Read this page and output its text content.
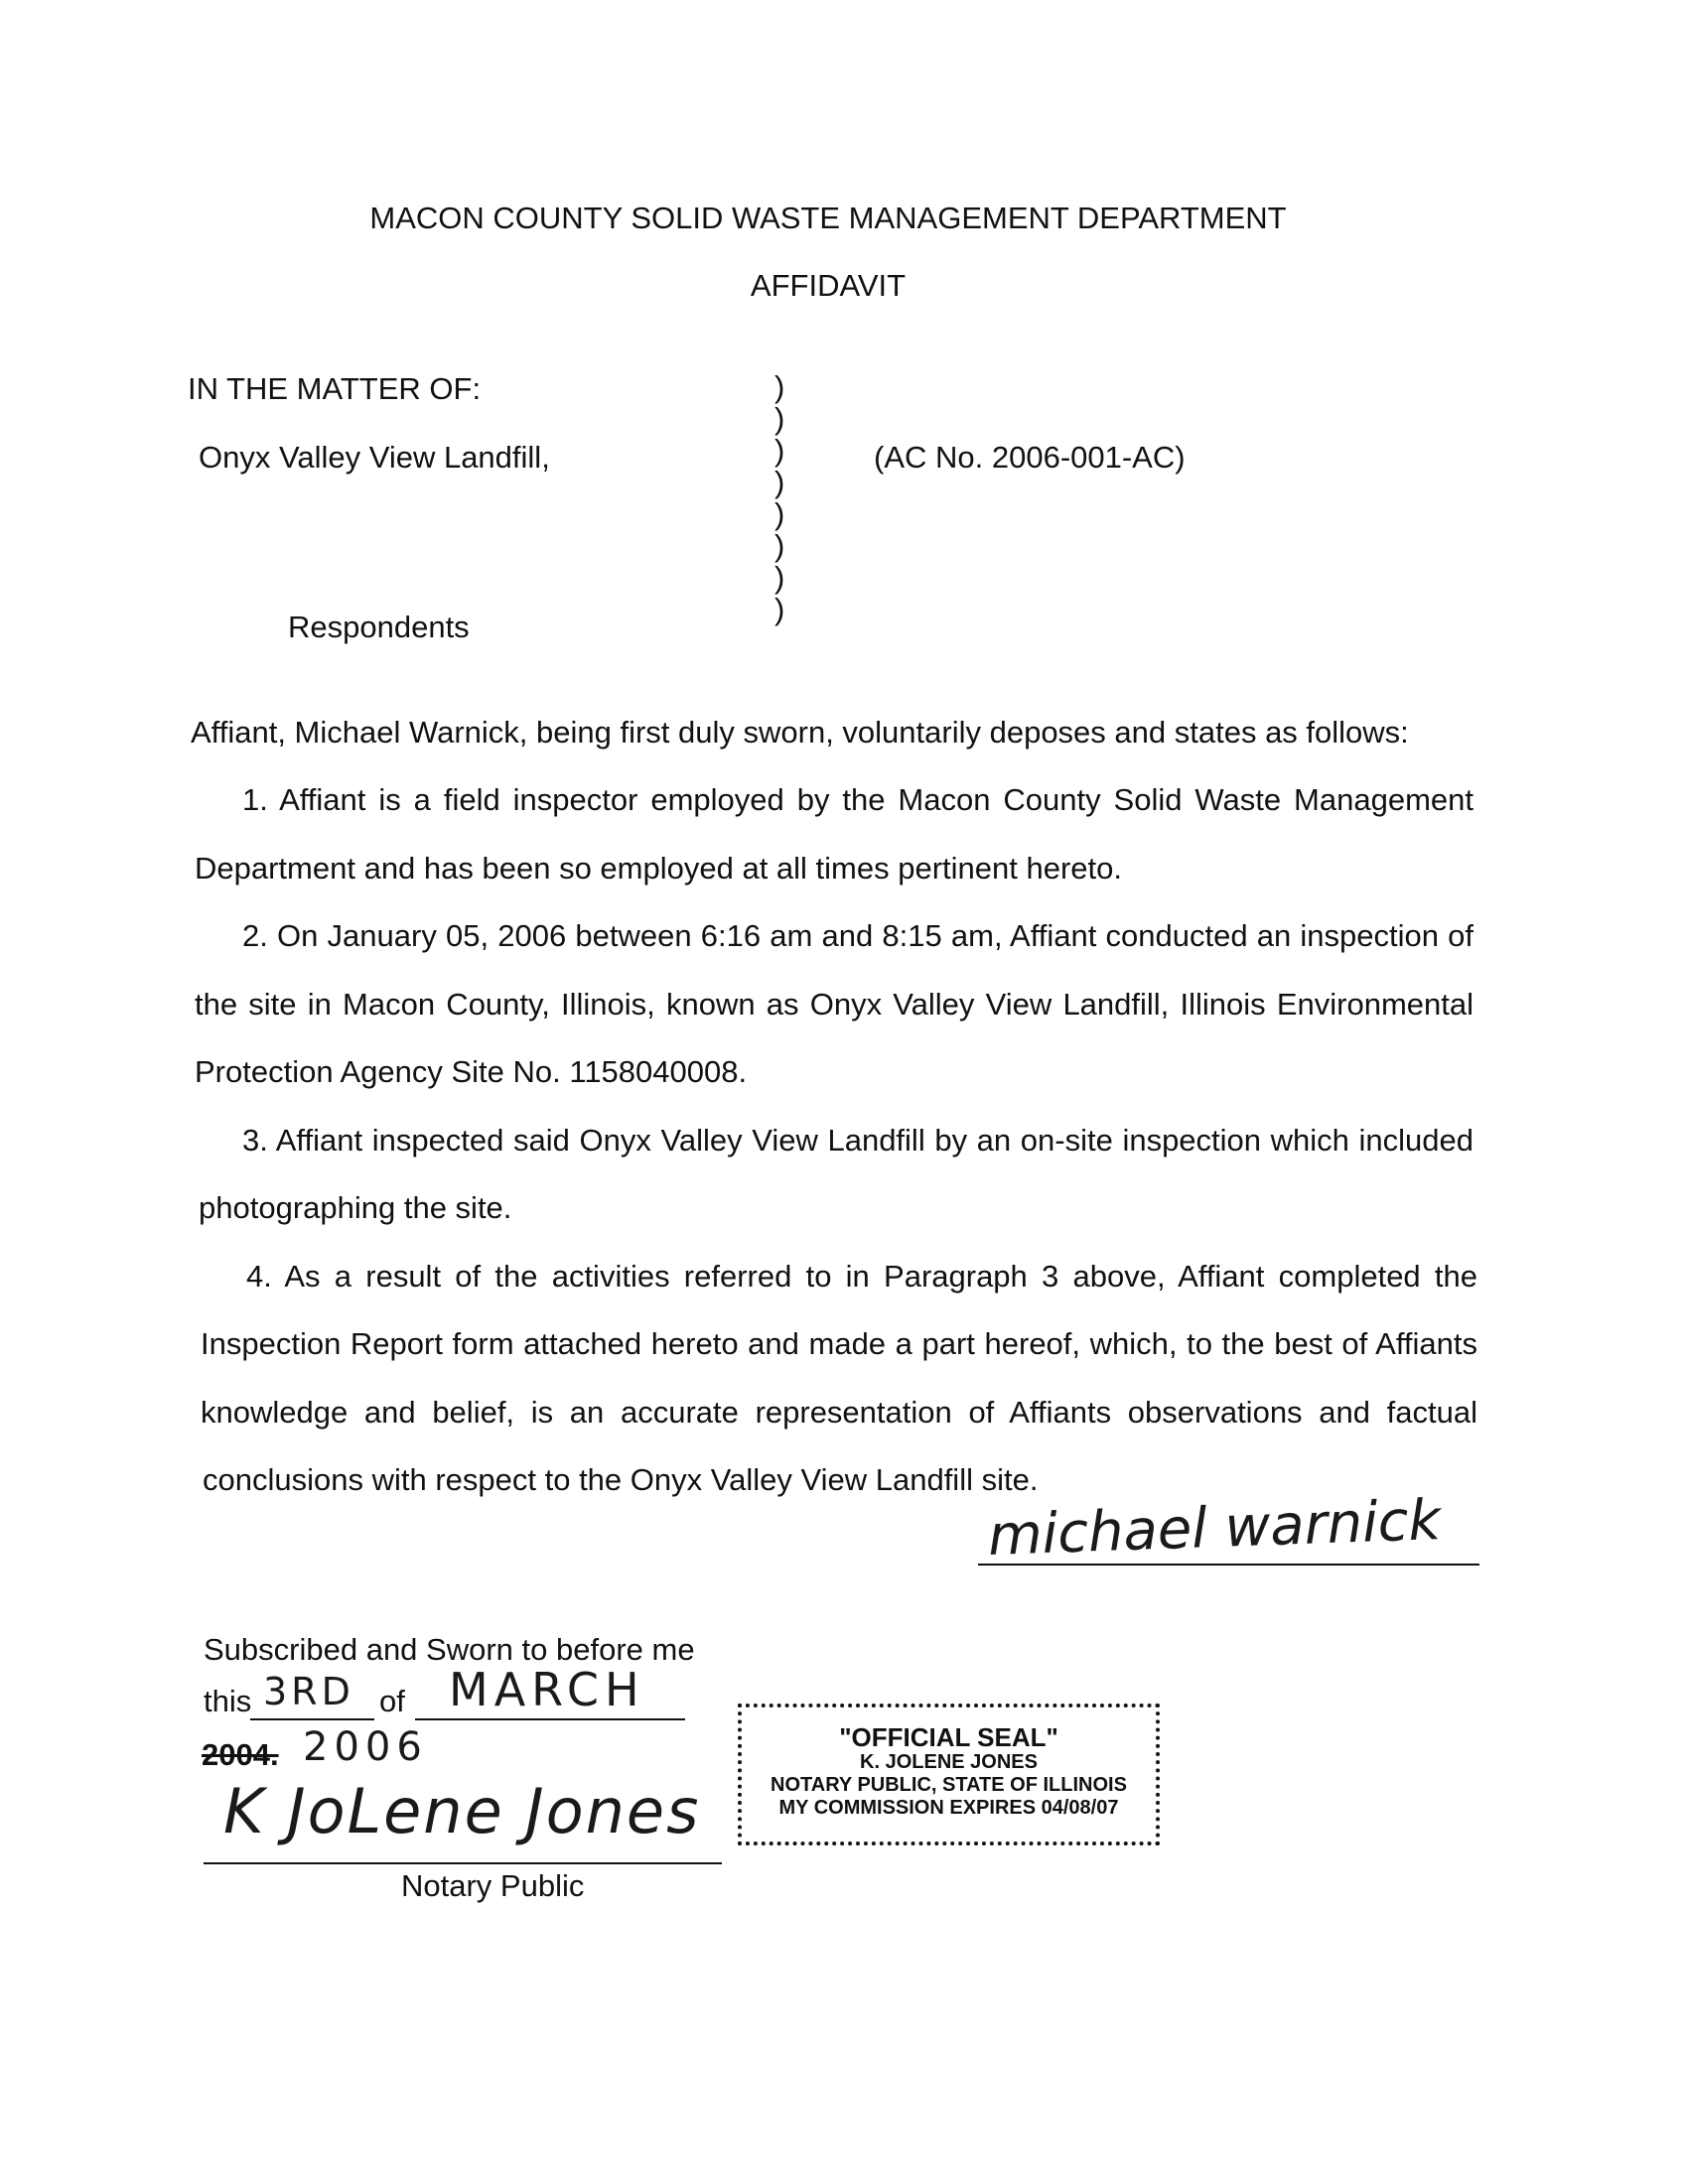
MACON COUNTY SOLID WASTE MANAGEMENT DEPARTMENT
AFFIDAVIT
IN THE MATTER OF:
Onyx Valley View Landfill,	(AC No. 2006-001-AC)
Respondents
)
)
)
)
)
)
)
)
Affiant, Michael Warnick, being first duly sworn, voluntarily deposes and states as follows:
1. Affiant is a field inspector employed by the Macon County Solid Waste Management
Department and has been so employed at all times pertinent hereto.
2. On January 05, 2006 between 6:16 am and 8:15 am, Affiant conducted an inspection of
the site in Macon County, Illinois, known as Onyx Valley View Landfill, Illinois Environmental
Protection Agency Site No. 1158040008.
3. Affiant inspected said Onyx Valley View Landfill by an on-site inspection which included
photographing the site.
4. As a result of the activities referred to in Paragraph 3 above, Affiant completed the
Inspection Report form attached hereto and made a part hereof, which, to the best of Affiants
knowledge and belief, is an accurate representation of Affiants observations and factual
conclusions with respect to the Onyx Valley View Landfill site.
michael warnick
Subscribed and Sworn to before me
this 3RD of MARCH
2004. 2006
K JoLene Jones
Notary Public
"OFFICIAL SEAL"
K. JOLENE JONES
NOTARY PUBLIC, STATE OF ILLINOIS
MY COMMISSION EXPIRES 04/08/07
